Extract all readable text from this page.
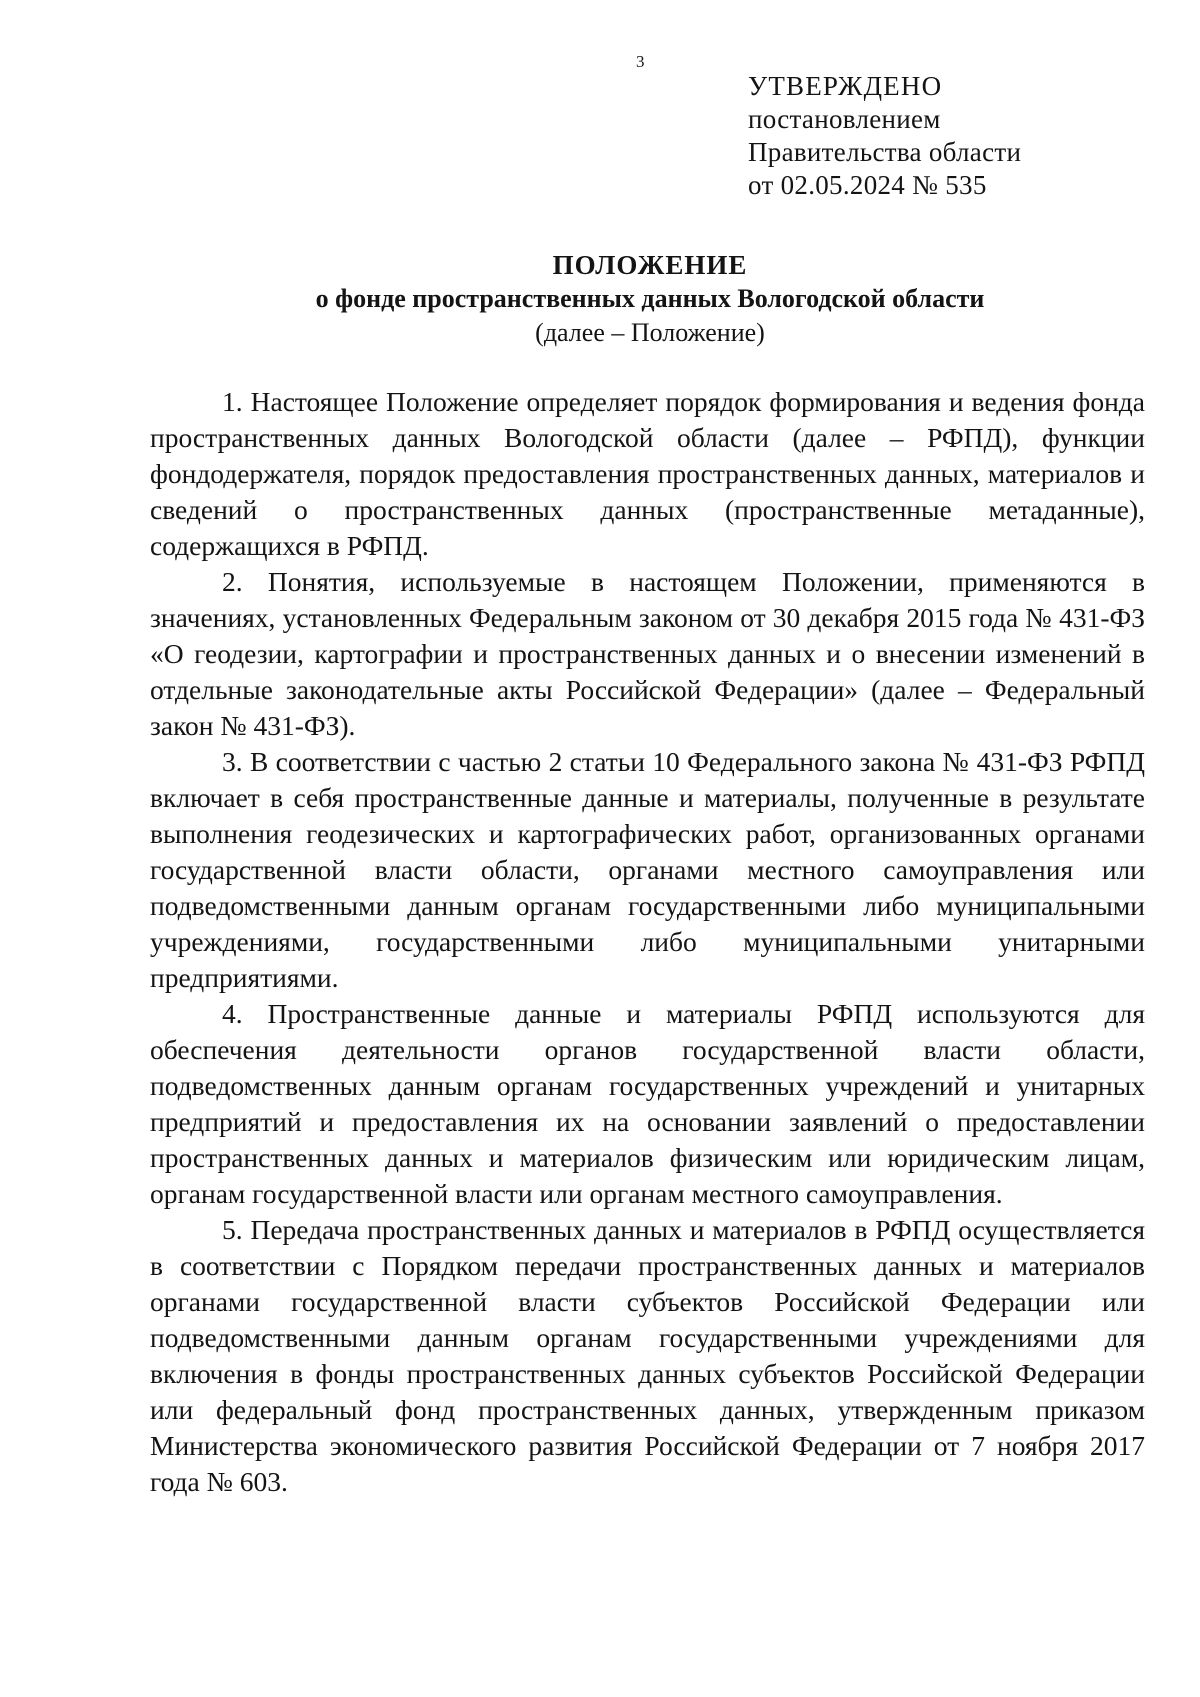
3
УТВЕРЖДЕНО
постановлением
Правительства области
от 02.05.2024 № 535
ПОЛОЖЕНИЕ
о фонде пространственных данных Вологодской области
(далее – Положение)

1. Настоящее Положение определяет порядок формирования и ведения фонда пространственных данных Вологодской области (далее – РФПД), функции фондодержателя, порядок предоставления пространственных данных, материалов и сведений о пространственных данных (пространственные метаданные), содержащихся в РФПД.

2. Понятия, используемые в настоящем Положении, применяются в значениях, установленных Федеральным законом от 30 декабря 2015 года № 431-ФЗ «О геодезии, картографии и пространственных данных и о внесении изменений в отдельные законодательные акты Российской Федерации» (далее – Федеральный закон № 431-ФЗ).

3. В соответствии с частью 2 статьи 10 Федерального закона № 431-ФЗ РФПД включает в себя пространственные данные и материалы, полученные в результате выполнения геодезических и картографических работ, организованных органами государственной власти области, органами местного самоуправления или подведомственными данным органам государственными либо муниципальными учреждениями, государственными либо муниципальными унитарными предприятиями.

4. Пространственные данные и материалы РФПД используются для обеспечения деятельности органов государственной власти области, подведомственных данным органам государственных учреждений и унитарных предприятий и предоставления их на основании заявлений о предоставлении пространственных данных и материалов физическим или юридическим лицам, органам государственной власти или органам местного самоуправления.

5. Передача пространственных данных и материалов в РФПД осуществляется в соответствии с Порядком передачи пространственных данных и материалов органами государственной власти субъектов Российской Федерации или подведомственными данным органам государственными учреждениями для включения в фонды пространственных данных субъектов Российской Федерации или федеральный фонд пространственных данных, утвержденным приказом Министерства экономического развития Российской Федерации от 7 ноября 2017 года № 603.
